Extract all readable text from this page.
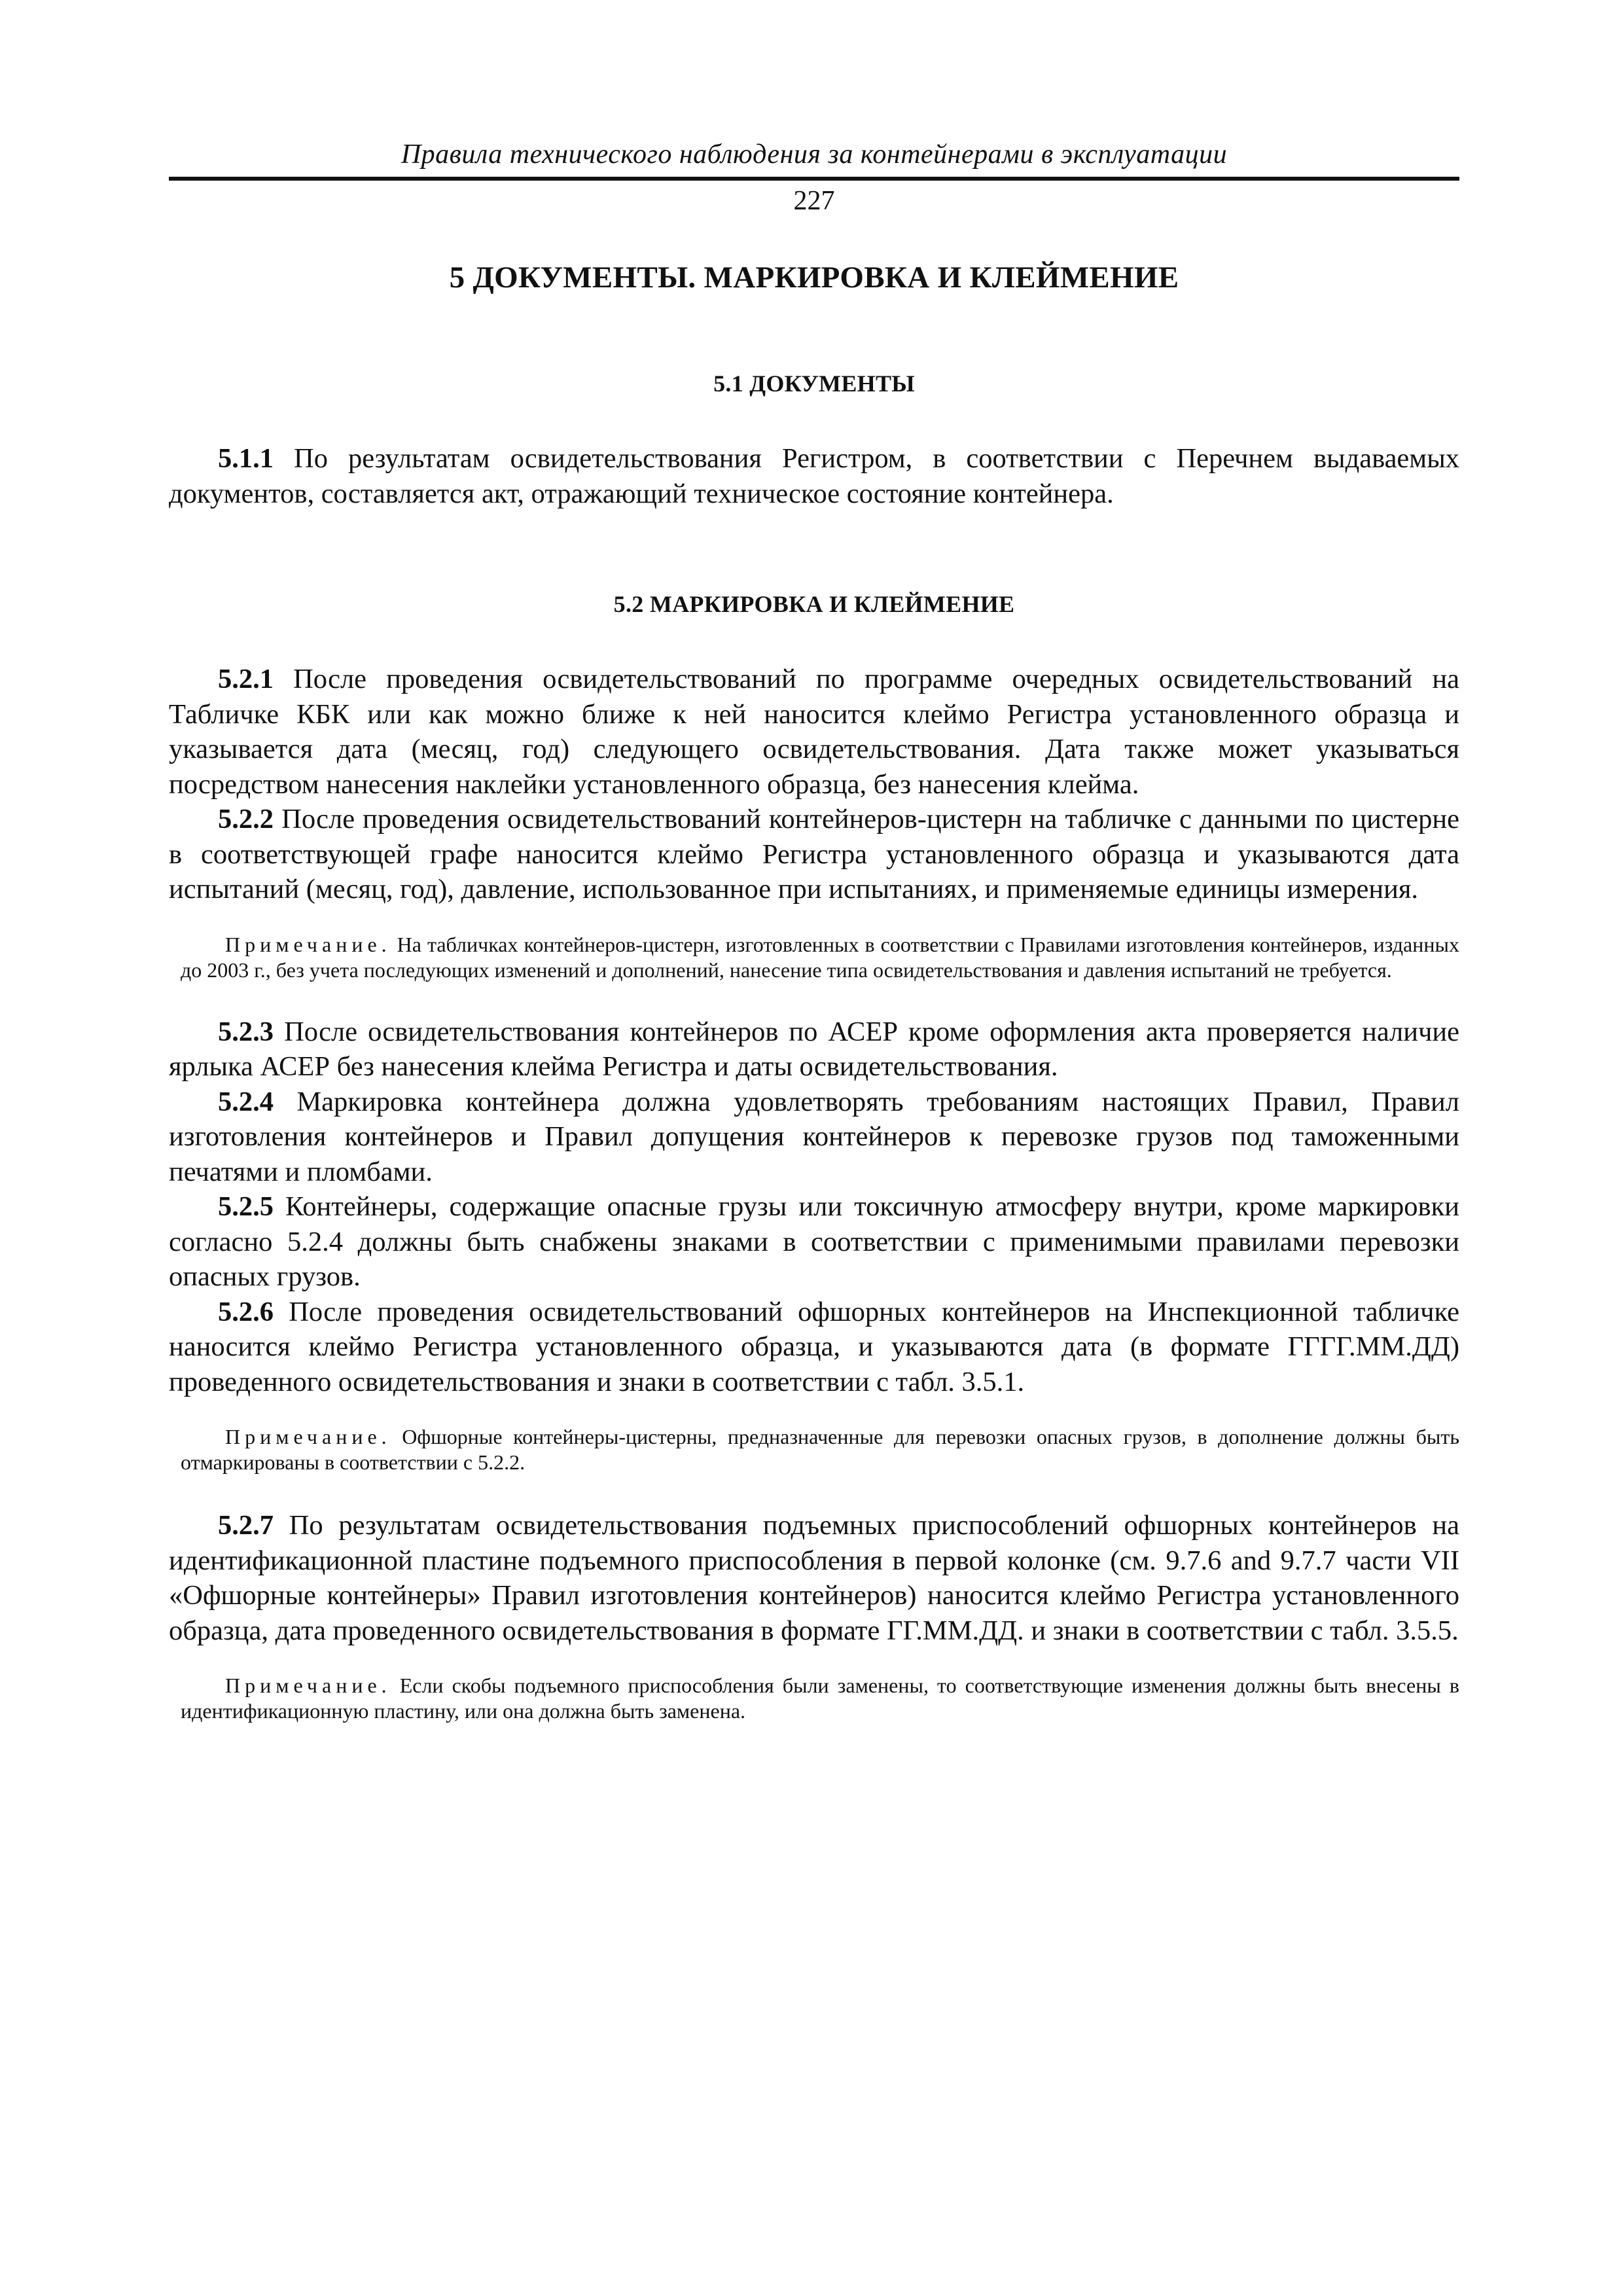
Правила технического наблюдения за контейнерами в эксплуатации
227
5 ДОКУМЕНТЫ. МАРКИРОВКА И КЛЕЙМЕНИЕ
5.1 ДОКУМЕНТЫ

5.1.1 По результатам освидетельствования Регистром, в соответствии с Перечнем выдаваемых документов, составляется акт, отражающий техническое состояние контейнера.

5.2 МАРКИРОВКА И КЛЕЙМЕНИЕ

5.2.1 После проведения освидетельствований по программе очередных освидетельствований на Табличке КБК или как можно ближе к ней наносится клеймо Регистра установленного образца и указывается дата (месяц, год) следующего освидетельствования. Дата также может указываться посредством нанесения наклейки установленного образца, без нанесения клейма.

5.2.2 После проведения освидетельствований контейнеров-цистерн на табличке с данными по цистерне в соответствующей графе наносится клеймо Регистра установленного образца и указываются дата испытаний (месяц, год), давление, использованное при испытаниях, и применяемые единицы измерения.

Примечание. На табличках контейнеров-цистерн, изготовленных в соответствии с Правилами изготовления контейнеров, изданных до 2003 г., без учета последующих изменений и дополнений, нанесение типа освидетельствования и давления испытаний не требуется.

5.2.3 После освидетельствования контейнеров по АСЕР кроме оформления акта проверяется наличие ярлыка АСЕР без нанесения клейма Регистра и даты освидетельствования.

5.2.4 Маркировка контейнера должна удовлетворять требованиям настоящих Правил, Правил изготовления контейнеров и Правил допущения контейнеров к перевозке грузов под таможенными печатями и пломбами.

5.2.5 Контейнеры, содержащие опасные грузы или токсичную атмосферу внутри, кроме маркировки согласно 5.2.4 должны быть снабжены знаками в соответствии с применимыми правилами перевозки опасных грузов.

5.2.6 После проведения освидетельствований офшорных контейнеров на Инспекционной табличке наносится клеймо Регистра установленного образца, и указываются дата (в формате ГГГГ.ММ.ДД) проведенного освидетельствования и знаки в соответствии с табл. 3.5.1.

Примечание. Офшорные контейнеры-цистерны, предназначенные для перевозки опасных грузов, в дополнение должны быть отмаркированы в соответствии с 5.2.2.

5.2.7 По результатам освидетельствования подъемных приспособлений офшорных контейнеров на идентификационной пластине подъемного приспособления в первой колонке (см. 9.7.6 and 9.7.7 части VII «Офшорные контейнеры» Правил изготовления контейнеров) наносится клеймо Регистра установленного образца, дата проведенного освидетельствования в формате ГГ.ММ.ДД. и знаки в соответствии с табл. 3.5.5.

Примечание. Если скобы подъемного приспособления были заменены, то соответствующие изменения должны быть внесены в идентификационную пластину, или она должна быть заменена.
